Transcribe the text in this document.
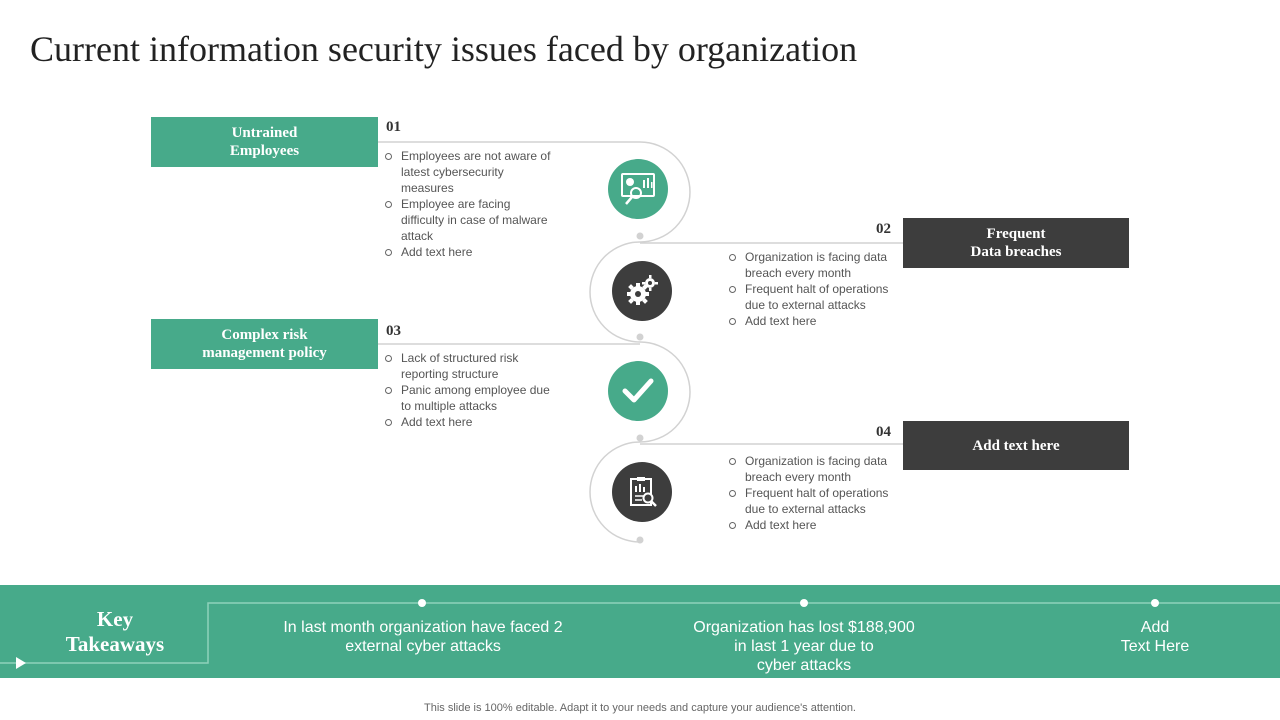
Current information security issues faced by organization
Untrained
Employees
01
Employees are not aware of latest cybersecurity measures
Employee are facing difficulty in case of malware attack
Add text here
Frequent
Data breaches
02
Organization is facing data breach every month
Frequent halt of operations due to external attacks
Add text here
Complex risk
management policy
03
Lack of structured risk reporting structure
Panic among employee due to multiple attacks
Add text here
Add text here
04
Organization is facing data breach every month
Frequent halt of operations due to external attacks
Add text here
Key
Takeaways
In last month organization have faced 2
external cyber attacks
Organization has lost $188,900
in last 1 year due to
cyber attacks
Add
Text Here
This slide is 100% editable. Adapt it to your needs and capture your audience's attention.
